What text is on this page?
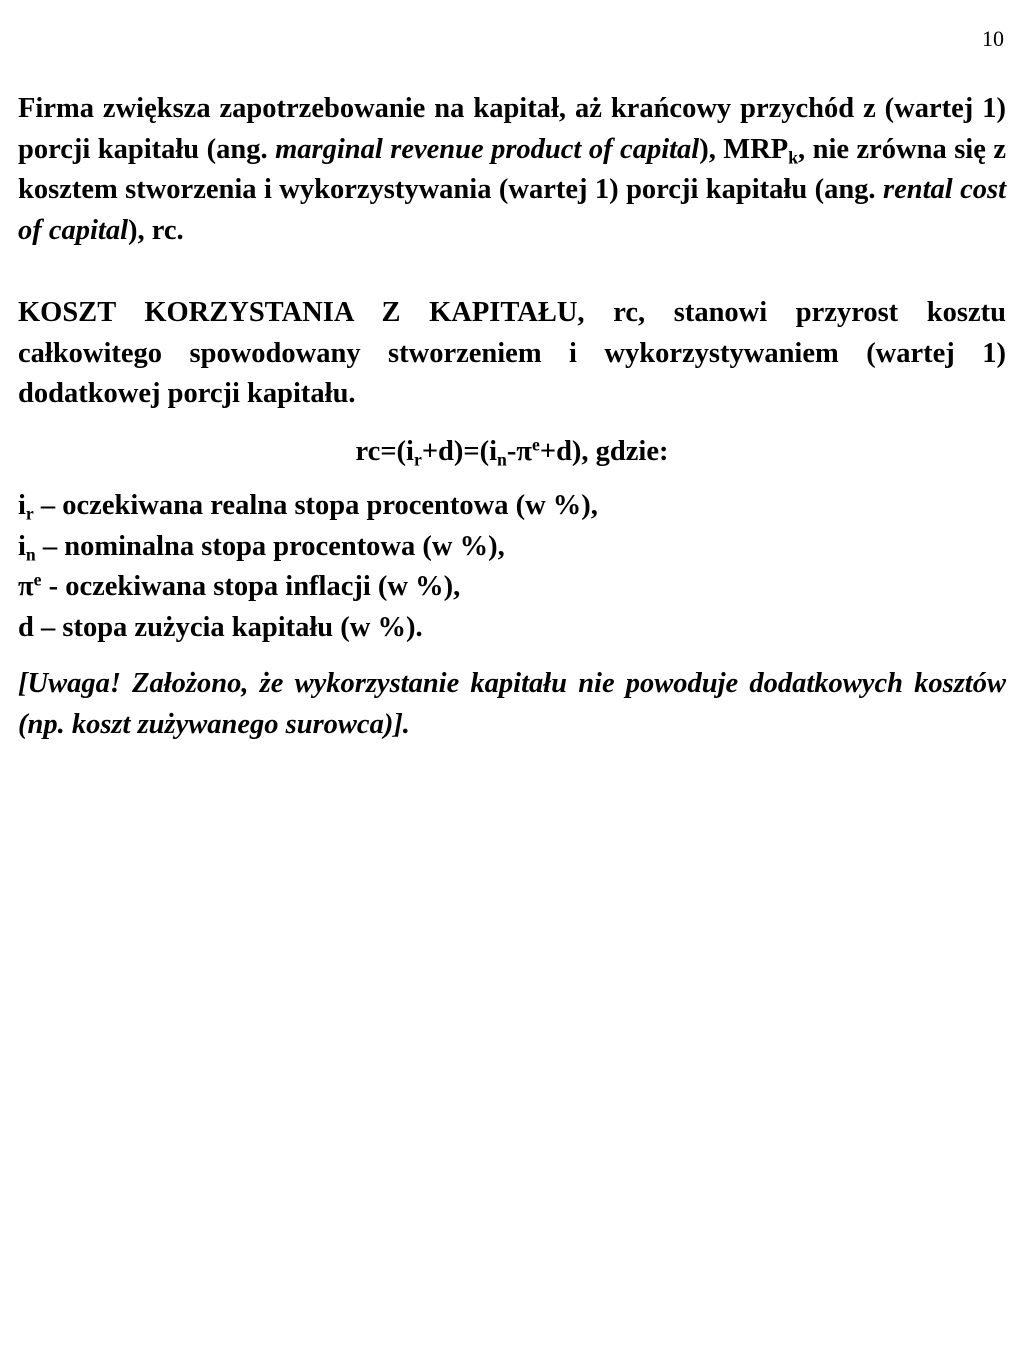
10

Firma zwiększa zapotrzebowanie na kapitał, aż krańcowy przychód z (wartej 1) porcji kapitału (ang. marginal revenue product of capital), $MRP_k$, nie zrówna się z kosztem stworzenia i wykorzystywania (wartej 1) porcji kapitału (ang. rental cost of capital), rc.

KOSZT KORZYSTANIA Z KAPITAŁU, rc, stanowi przyrost kosztu całkowitego spowodowany stworzeniem i wykorzystywaniem (wartej 1) dodatkowej porcji kapitału.

$rc=(i_r+d)=(i_n-\pi^e+d)$, gdzie:
$i_r$ – oczekiwana realna stopa procentowa (w %),
$i_n$ – nominalna stopa procentowa (w %),
$\pi^e$ - oczekiwana stopa inflacji (w %),
d – stopa zużycia kapitału (w %).

[Uwaga! Założono, że wykorzystanie kapitału nie powoduje dodatkowych kosztów (np. koszt zużywanego surowca)].
